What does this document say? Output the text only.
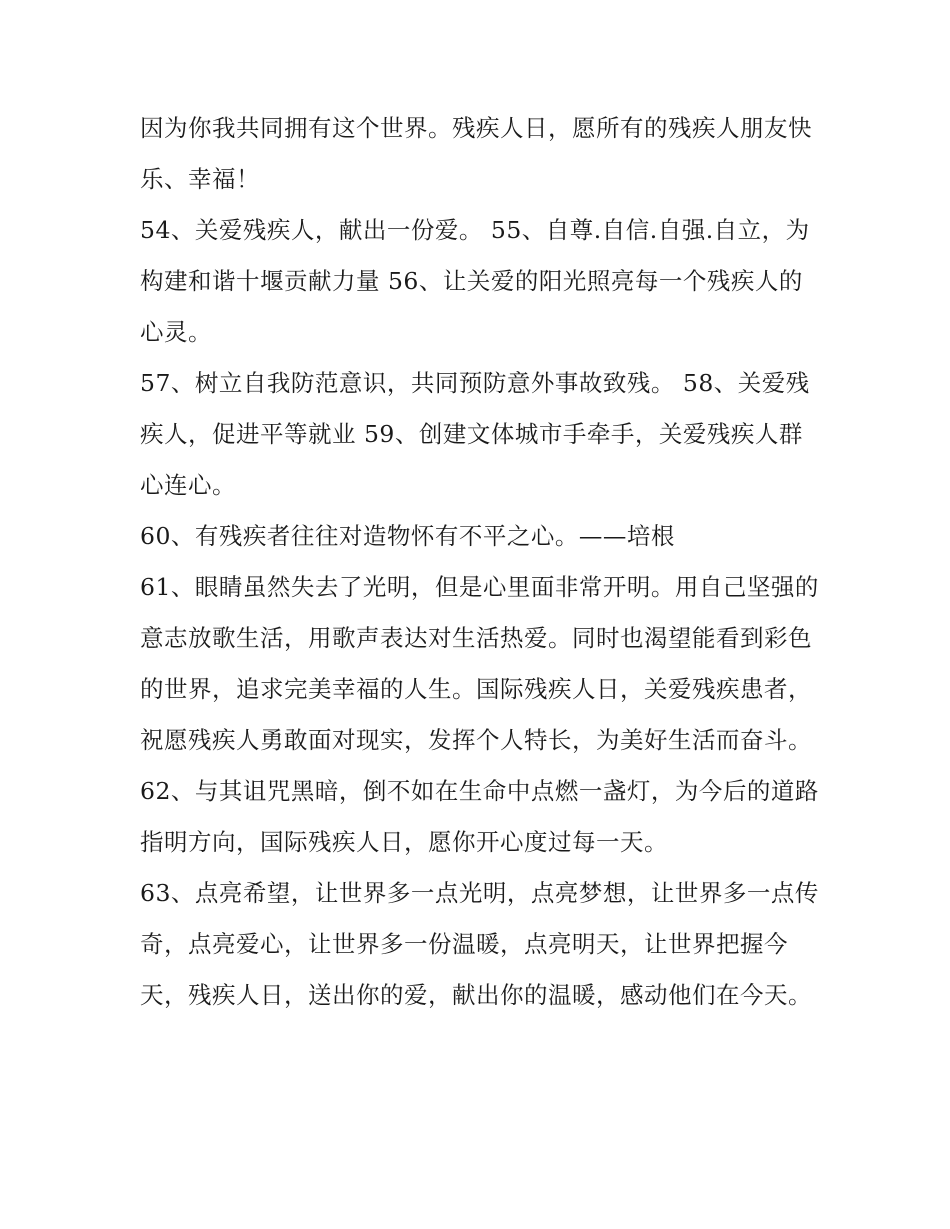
因为你我共同拥有这个世界。残疾人日，愿所有的残疾人朋友快乐、幸福！

54、关爱残疾人，献出一份爱。 55、自尊.自信.自强.自立，为构建和谐十堰贡献力量 56、让关爱的阳光照亮每一个残疾人的心灵。

57、树立自我防范意识，共同预防意外事故致残。 58、关爱残疾人，促进平等就业 59、创建文体城市手牵手，关爱残疾人群心连心。

60、有残疾者往往对造物怀有不平之心。——培根

61、眼睛虽然失去了光明，但是心里面非常开明。用自己坚强的意志放歌生活，用歌声表达对生活热爱。同时也渴望能看到彩色的世界，追求完美幸福的人生。国际残疾人日，关爱残疾患者，祝愿残疾人勇敢面对现实，发挥个人特长，为美好生活而奋斗。

62、与其诅咒黑暗，倒不如在生命中点燃一盏灯，为今后的道路指明方向，国际残疾人日，愿你开心度过每一天。

63、点亮希望，让世界多一点光明，点亮梦想，让世界多一点传奇，点亮爱心，让世界多一份温暖，点亮明天，让世界把握今天，残疾人日，送出你的爱，献出你的温暖，感动他们在今天。
